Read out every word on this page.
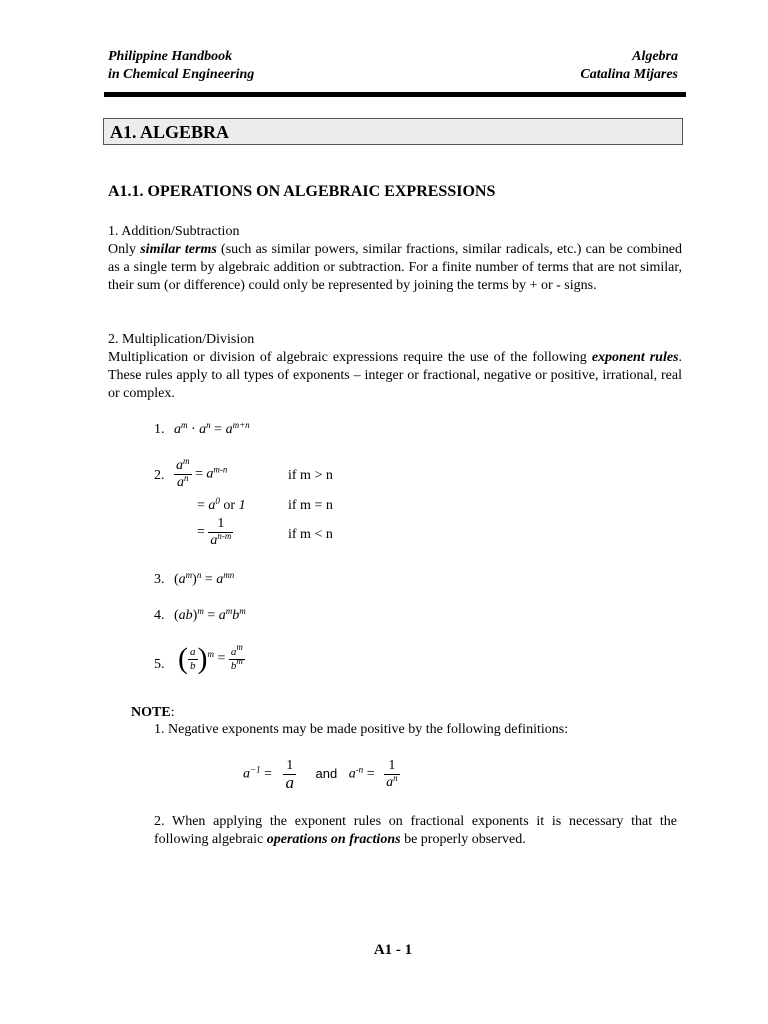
Philippine Handbook
in Chemical Engineering
Algebra
Catalina Mijares
A1. ALGEBRA
A1.1. OPERATIONS ON ALGEBRAIC EXPRESSIONS
1. Addition/Subtraction
Only similar terms (such as similar powers, similar fractions, similar radicals, etc.) can be combined as a single term by algebraic addition or subtraction. For a finite number of terms that are not similar, their sum (or difference) could only be represented by joining the terms by + or - signs.
2. Multiplication/Division
Multiplication or division of algebraic expressions require the use of the following exponent rules. These rules apply to all types of exponents – integer or fractional, negative or positive, irrational, real or complex.
1. $a^m \cdot a^n = a^{m+n}$
2. $\frac{a^m}{a^n} = a^{m-n}$	if m > n
= $a^0$ or 1	if m = n
= $\frac{1}{a^{n-m}}$	if m < n
3. $(a^m)^n = a^{mn}$
4. $(ab)^m = a^mb^m$
5. ( $\frac{a}{b} )^m = \frac{a^m}{b^m}$
NOTE:
1. Negative exponents may be made positive by the following definitions:
$a^{-1} = \frac{1}{a}$ and $a^{-n} = \frac{1}{a^n}$
2. When applying the exponent rules on fractional exponents it is necessary that the following algebraic operations on fractions be properly observed.
A1 - 1
